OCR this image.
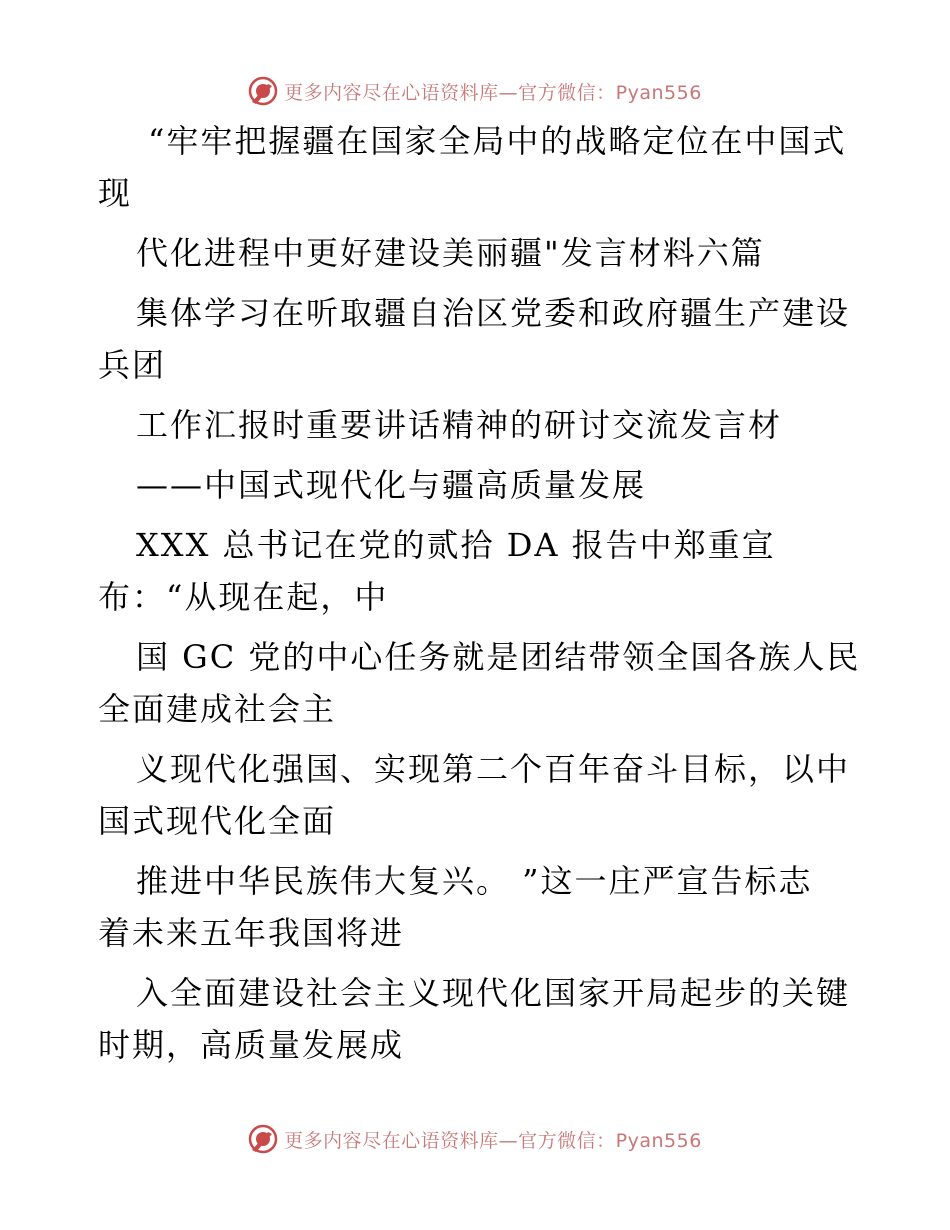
更多内容尽在心语资料库—官方微信：Pyan556
“牢牢把握疆在国家全局中的战略定位在中国式
现
代化进程中更好建设美丽疆"发言材料六篇
集体学习在听取疆自治区党委和政府疆生产建设
兵团
工作汇报时重要讲话精神的研讨交流发言材
——中国式现代化与疆高质量发展
XXX 总书记在党的贰拾 DA 报告中郑重宣
布：“从现在起，中
国 GC 党的中心任务就是团结带领全国各族人民
全面建成社会主
义现代化强国、实现第二个百年奋斗目标，以中
国式现代化全面
推进中华民族伟大复兴。 ”这一庄严宣告标志
着未来五年我国将进
入全面建设社会主义现代化国家开局起步的关键
时期，高质量发展成
更多内容尽在心语资料库—官方微信：Pyan556
